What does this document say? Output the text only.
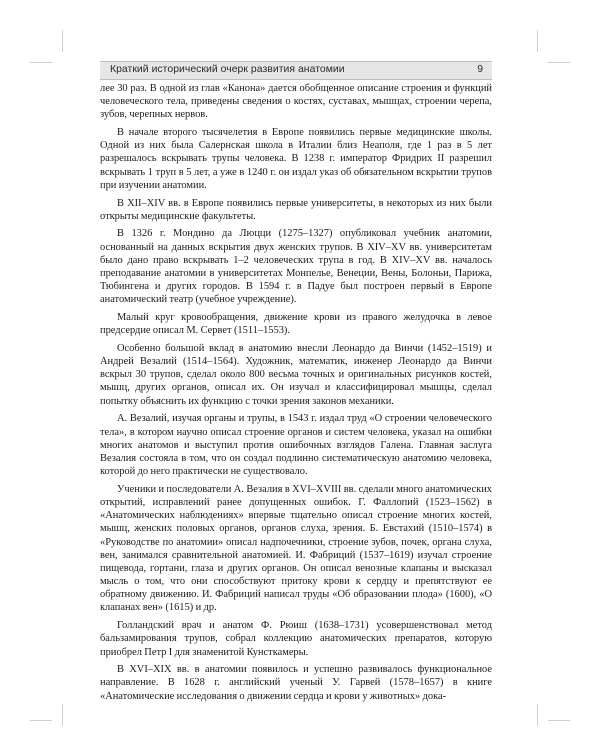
Краткий исторический очерк развития анатомии	9

лее 30 раз. В одной из глав «Канона» дается обобщенное описание строения и функций человеческого тела, приведены сведения о костях, суставах, мышцах, строении черепа, зубов, черепных нервов.

В начале второго тысячелетия в Европе появились первые медицинские школы. Одной из них была Салернская школа в Италии близ Неаполя, где 1 раз в 5 лет разрешалось вскрывать трупы человека. В 1238 г. император Фридрих II разрешил вскрывать 1 труп в 5 лет, а уже в 1240 г. он издал указ об обязательном вскрытии трупов при изучении анатомии.

В XII–XIV вв. в Европе появились первые университеты, в некоторых из них были открыты медицинские факультеты.

В 1326 г. Мондино да Люцци (1275–1327) опубликовал учебник анатомии, основанный на данных вскрытия двух женских трупов. В XIV–XV вв. университетам было дано право вскрывать 1–2 человеческих трупа в год. В XIV–XV вв. началось преподавание анатомии в университетах Монпелье, Венеции, Вены, Болоньи, Парижа, Тюбингена и других городов. В 1594 г. в Падуе был построен первый в Европе анатомический театр (учебное учреждение).

Малый круг кровообращения, движение крови из правого желудочка в левое предсердие описал М. Сервет (1511–1553).

Особенно большой вклад в анатомию внесли Леонардо да Винчи (1452–1519) и Андрей Везалий (1514–1564). Художник, математик, инженер Леонардо да Винчи вскрыл 30 трупов, сделал около 800 весьма точных и оригинальных рисунков костей, мышц, других органов, описал их. Он изучал и классифицировал мышцы, сделал попытку объяснить их функцию с точки зрения законов механики.

А. Везалий, изучая органы и трупы, в 1543 г. издал труд «О строении человеческого тела», в котором научно описал строение органов и систем человека, указал на ошибки многих анатомов и выступил против ошибочных взглядов Галена. Главная заслуга Везалия состояла в том, что он создал подлинно систематическую анатомию человека, которой до него практически не существовало.

Ученики и последователи А. Везалия в XVI–XVIII вв. сделали много анатомических открытий, исправлений ранее допущенных ошибок. Г. Фаллопий (1523–1562) в «Анатомических наблюдениях» впервые тщательно описал строение многих костей, мышц, женских половых органов, органов слуха, зрения. Б. Евстахий (1510–1574) в «Руководстве по анатомии» описал надпочечники, строение зубов, почек, органа слуха, вен, занимался сравнительной анатомией. И. Фабриций (1537–1619) изучал строение пищевода, гортани, глаза и других органов. Он описал венозные клапаны и высказал мысль о том, что они способствуют притоку крови к сердцу и препятствуют ее обратному движению. И. Фабриций написал труды «Об образовании плода» (1600), «О клапанах вен» (1615) и др.

Голландский врач и анатом Ф. Рюиш (1638–1731) усовершенствовал метод бальзамирования трупов, собрал коллекцию анатомических препаратов, которую приобрел Петр I для знаменитой Кунсткамеры.

В XVI–XIX вв. в анатомии появилось и успешно развивалось функциональное направление. В 1628 г. английский ученый У. Гарвей (1578–1657) в книге «Анатомические исследования о движении сердца и крови у животных» дока-
